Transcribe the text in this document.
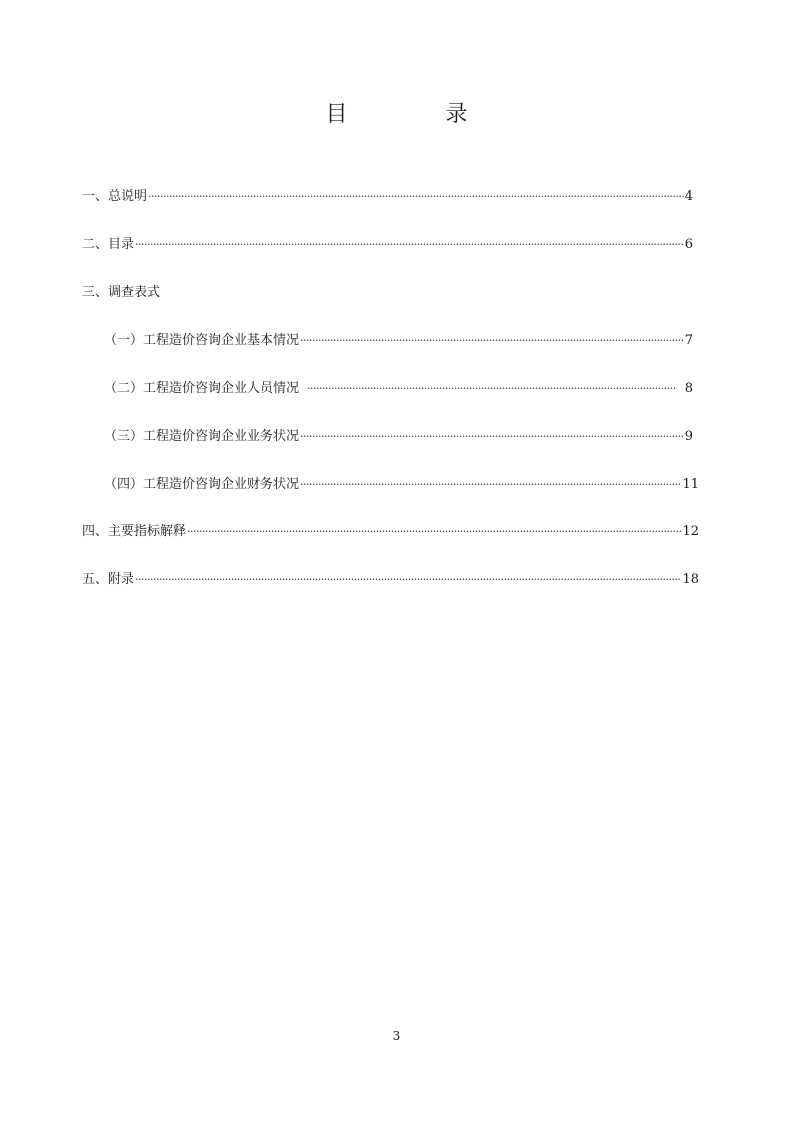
目　录
一、总说明 ·····	4
二、目录 ·····	6
三、调查表式
（一）工程造价咨询企业基本情况 ·····	7
（二）工程造价咨询企业人员情况 ·····	8
（三）工程造价咨询企业业务状况 ·····	9
（四）工程造价咨询企业财务状况 ·····	11
四、主要指标解释 ·····	12
五、附录 ·····	18
3
